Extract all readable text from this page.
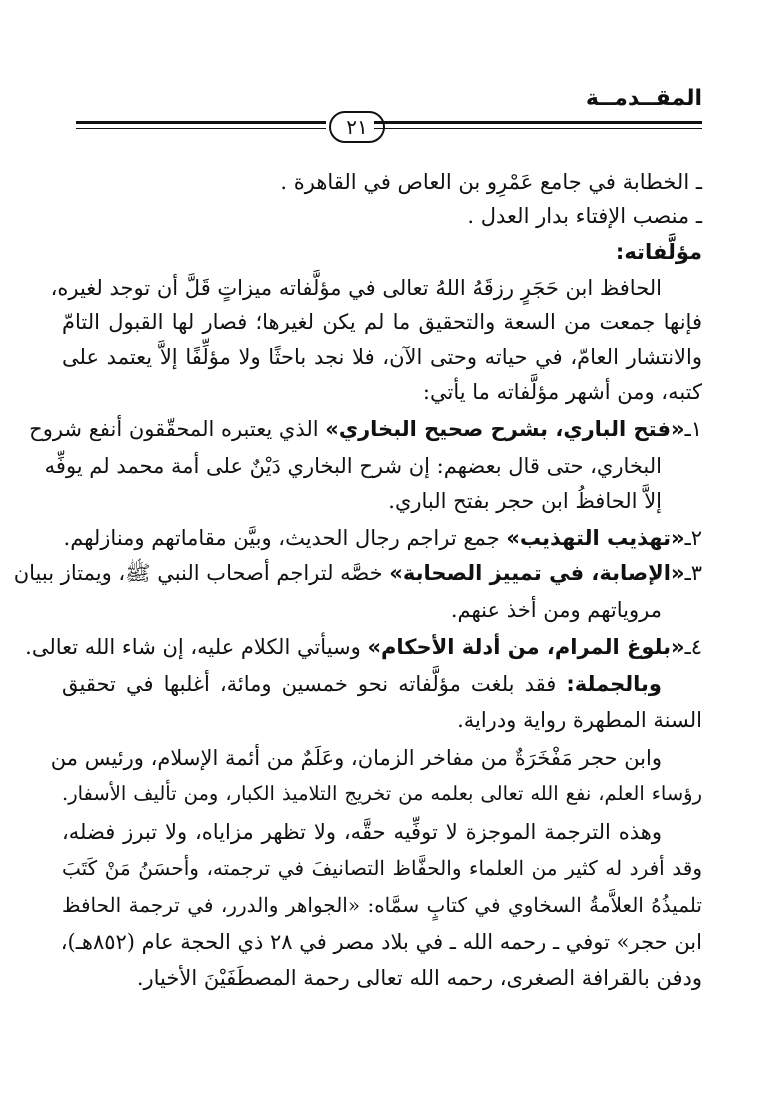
المقــدمــة
٢١
ـ الخطابة في جامع عَمْرِو بن العاص في القاهرة .
ـ منصب الإفتاء بدار العدل .
مؤلَّفاته:
الحافظ ابن حَجَرٍ رزقَهُ اللهُ تعالى في مؤلَّفاته ميزاتٍ قَلَّ أن توجد لغيره،
فإنها جمعت من السعة والتحقيق ما لم يكن لغيرها؛ فصار لها القبول التامّ
والانتشار العامّ، في حياته وحتى الآن، فلا نجد باحثًا ولا مؤلِّفًا إلاَّ يعتمد على
كتبه، ومن أشهر مؤلَّفاته ما يأتي:
١ـ«فتح الباري، بشرح صحيح البخاري» الذي يعتبره المحقّقون أنفع شروح
البخاري، حتى قال بعضهم: إن شرح البخاري دَيْنٌ على أمة محمد لم يوفِّه
إلاَّ الحافظُ ابن حجر بفتح الباري.
٢ـ«تهذيب التهذيب» جمع تراجم رجال الحديث، وبيَّن مقاماتهم ومنازلهم.
٣ـ«الإصابة، في تمييز الصحابة» خصَّه لتراجم أصحاب النبي ﷺ، ويمتاز ببيان
مروياتهم ومن أخذ عنهم.
٤ـ«بلوغ المرام، من أدلة الأحكام» وسيأتي الكلام عليه، إن شاء الله تعالى.
وبالجملة: فقد بلغت مؤلَّفاته نحو خمسين ومائة، أغلبها في تحقيق
السنة المطهرة رواية ودراية.
وابن حجر مَفْخَرَةٌ من مفاخر الزمان، وعَلَمٌ من أئمة الإسلام، ورئيس من
رؤساء العلم، نفع الله تعالى بعلمه من تخريج التلاميذ الكبار، ومن تأليف الأسفار.
وهذه الترجمة الموجزة لا توفِّيه حقَّه، ولا تظهر مزاياه، ولا تبرز فضله،
وقد أفرد له كثير من العلماء والحفَّاظ التصانيفَ في ترجمته، وأحسَنُ مَنْ كَتَبَ
تلميذُهُ العلاَّمةُ السخاوي في كتابٍ سمَّاه: «الجواهر والدرر، في ترجمة الحافظ
ابن حجر» توفي ـ رحمه الله ـ في بلاد مصر في ٢٨ ذي الحجة عام (٨٥٢هـ)،
ودفن بالقرافة الصغرى، رحمه الله تعالى رحمة المصطَفَيْنَ الأخيار.
